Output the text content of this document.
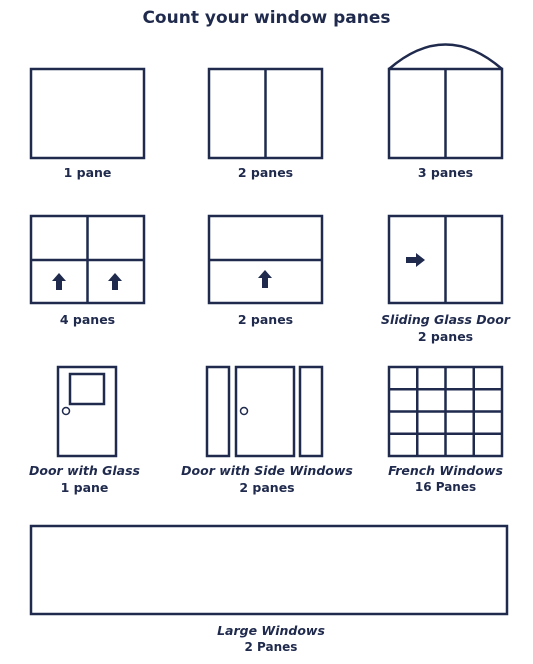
Count your window panes
1 pane	2 panes	3 panes
4 panes	2 panes	Sliding Glass Door
2 panes
Door with Glass
1 pane
Door with Side Windows
2 panes
French Windows
16 Panes
Large Windows
2 Panes
